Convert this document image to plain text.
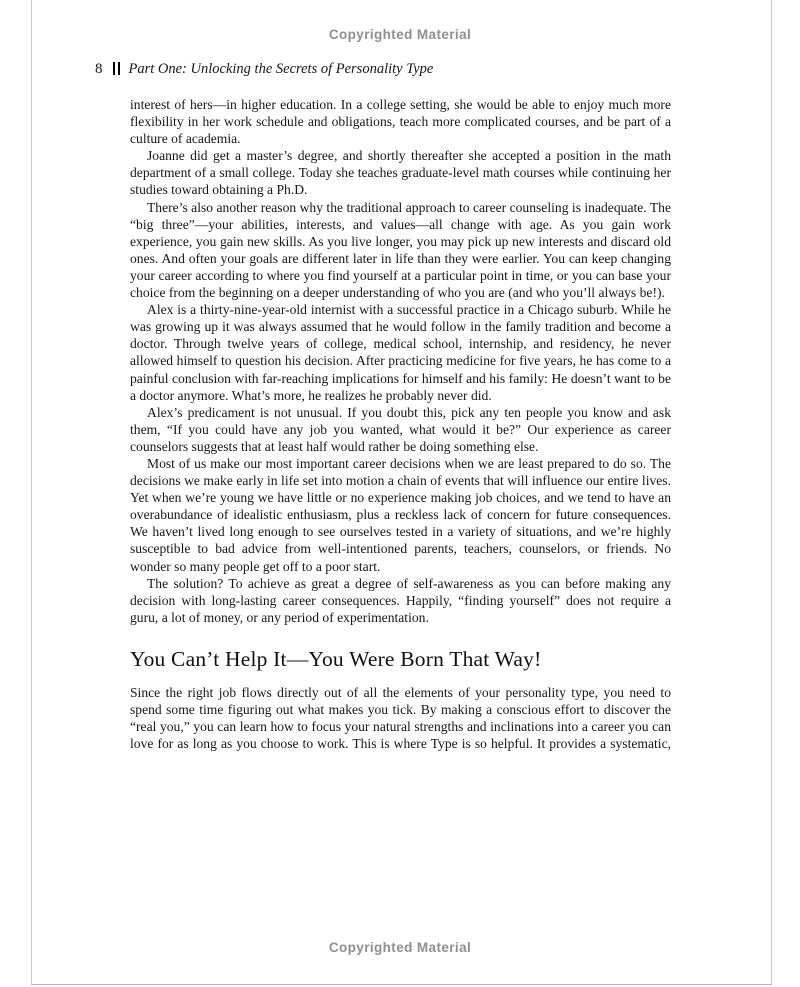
Copyrighted Material
8 Part One: Unlocking the Secrets of Personality Type

interest of hers—in higher education. In a college setting, she would be able to enjoy much more flexibility in her work schedule and obligations, teach more complicated courses, and be part of a culture of academia.

Joanne did get a master’s degree, and shortly thereafter she accepted a position in the math department of a small college. Today she teaches graduate-level math courses while continuing her studies toward obtaining a Ph.D.

There’s also another reason why the traditional approach to career counseling is inadequate. The “big three”—your abilities, interests, and values—all change with age. As you gain work experience, you gain new skills. As you live longer, you may pick up new interests and discard old ones. And often your goals are different later in life than they were earlier. You can keep changing your career according to where you find yourself at a particular point in time, or you can base your choice from the beginning on a deeper understanding of who you are (and who you’ll always be!).

Alex is a thirty-nine-year-old internist with a successful practice in a Chicago suburb. While he was growing up it was always assumed that he would follow in the family tradition and become a doctor. Through twelve years of college, medical school, internship, and residency, he never allowed himself to question his decision. After practicing medicine for five years, he has come to a painful conclusion with far-reaching implications for himself and his family: He doesn’t want to be a doctor anymore. What’s more, he realizes he probably never did.

Alex’s predicament is not unusual. If you doubt this, pick any ten people you know and ask them, “If you could have any job you wanted, what would it be?” Our experience as career counselors suggests that at least half would rather be doing something else.

Most of us make our most important career decisions when we are least prepared to do so. The decisions we make early in life set into motion a chain of events that will influence our entire lives. Yet when we’re young we have little or no experience making job choices, and we tend to have an overabundance of idealistic enthusiasm, plus a reckless lack of concern for future consequences. We haven’t lived long enough to see ourselves tested in a variety of situations, and we’re highly susceptible to bad advice from well-intentioned parents, teachers, counselors, or friends. No wonder so many people get off to a poor start.

The solution? To achieve as great a degree of self-awareness as you can before making any decision with long-lasting career consequences. Happily, “finding yourself” does not require a guru, a lot of money, or any period of experimentation.

You Can’t Help It—You Were Born That Way!

Since the right job flows directly out of all the elements of your personality type, you need to spend some time figuring out what makes you tick. By making a conscious effort to discover the “real you,” you can learn how to focus your natural strengths and inclinations into a career you can love for as long as you choose to work. This is where Type is so helpful. It provides a systematic,

Copyrighted Material
